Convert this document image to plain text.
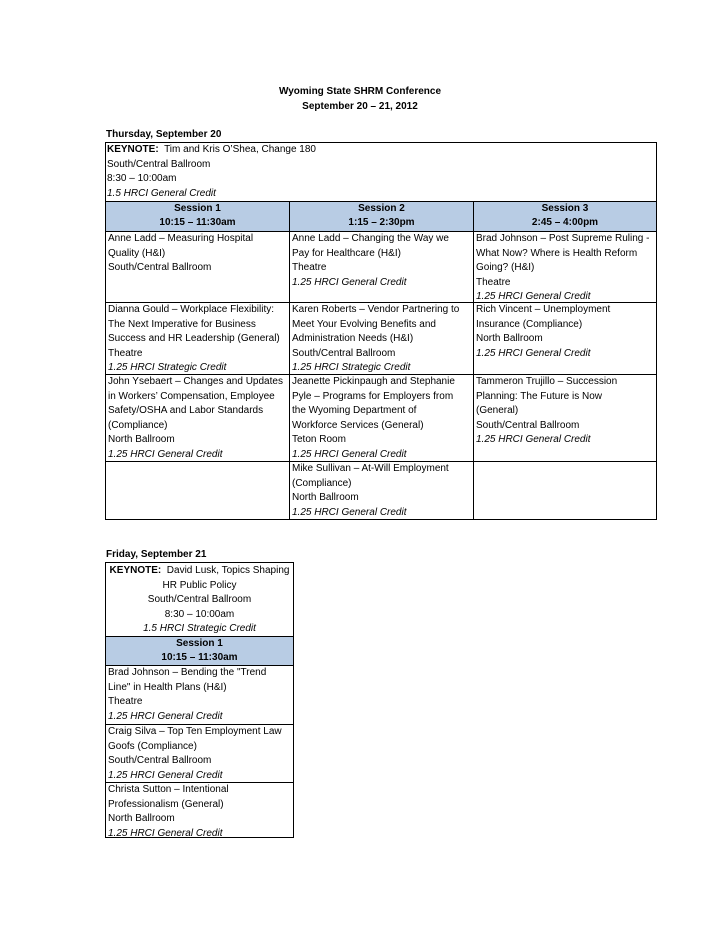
Wyoming State SHRM Conference
September 20 – 21, 2012
Thursday, September 20
KEYNOTE: Tim and Kris O’Shea, Change 180
South/Central Ballroom
8:30 – 10:00am
1.5 HRCI General Credit
Session 1
10:15 – 11:30am
Session 2
1:15 – 2:30pm
Session 3
2:45 – 4:00pm
Anne Ladd – Measuring Hospital
Quality (H&I)
South/Central Ballroom
Anne Ladd – Changing the Way we
Pay for Healthcare (H&I)
Theatre
1.25 HRCI General Credit
Brad Johnson – Post Supreme Ruling -
What Now? Where is Health Reform
Going? (H&I)
Theatre
1.25 HRCI General Credit
Dianna Gould – Workplace Flexibility:
The Next Imperative for Business
Success and HR Leadership (General)
Theatre
1.25 HRCI Strategic Credit
Karen Roberts – Vendor Partnering to
Meet Your Evolving Benefits and
Administration Needs (H&I)
South/Central Ballroom
1.25 HRCI Strategic Credit
Rich Vincent – Unemployment
Insurance (Compliance)
North Ballroom
1.25 HRCI General Credit
John Ysebaert – Changes and Updates
in Workers’ Compensation, Employee
Safety/OSHA and Labor Standards
(Compliance)
North Ballroom
1.25 HRCI General Credit
Jeanette Pickinpaugh and Stephanie
Pyle – Programs for Employers from
the Wyoming Department of
Workforce Services (General)
Teton Room
1.25 HRCI General Credit
Tammeron Trujillo – Succession
Planning: The Future is Now
(General)
South/Central Ballroom
1.25 HRCI General Credit
Mike Sullivan – At-Will Employment
(Compliance)
North Ballroom
1.25 HRCI General Credit
Friday, September 21
KEYNOTE: David Lusk, Topics Shaping
HR Public Policy
South/Central Ballroom
8:30 – 10:00am
1.5 HRCI Strategic Credit
Session 1
10:15 – 11:30am
Brad Johnson – Bending the "Trend
Line" in Health Plans (H&I)
Theatre
1.25 HRCI General Credit
Craig Silva – Top Ten Employment Law
Goofs (Compliance)
South/Central Ballroom
1.25 HRCI General Credit
Christa Sutton – Intentional
Professionalism (General)
North Ballroom
1.25 HRCI General Credit
